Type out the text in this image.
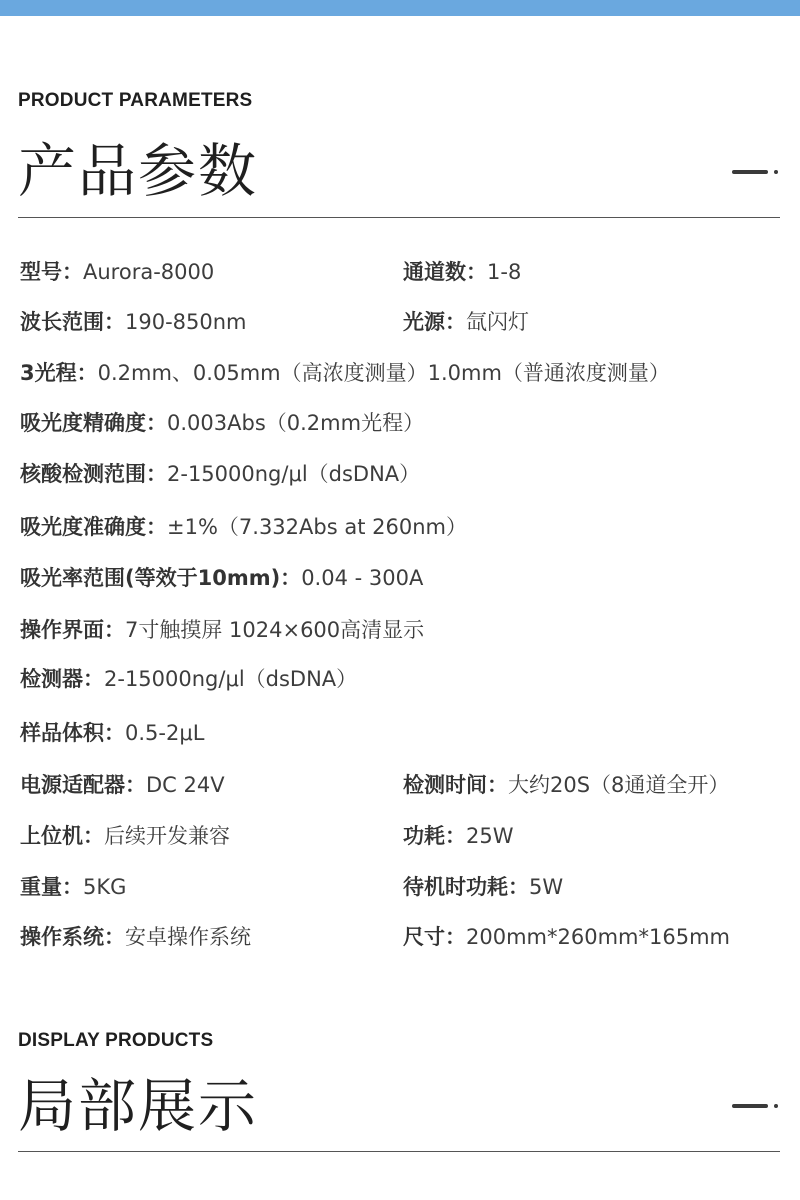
PRODUCT PARAMETERS
产品参数
型号：Aurora-8000	通道数：1-8
波长范围：190-850nm	光源：氙闪灯
3光程：0.2mm、0.05mm（高浓度测量）1.0mm（普通浓度测量）
吸光度精确度：0.003Abs（0.2mm光程）
核酸检测范围：2-15000ng/μl（dsDNA）
吸光度准确度：±1%（7.332Abs at 260nm）
吸光率范围(等效于10mm)：0.04 - 300A
操作界面：7寸触摸屏 1024×600高清显示
检测器：2-15000ng/μl（dsDNA）
样品体积：0.5-2μL
电源适配器：DC 24V	检测时间：大约20S（8通道全开）
上位机：后续开发兼容	功耗：25W
重量：5KG	待机时功耗：5W
操作系统：安卓操作系统	尺寸：200mm*260mm*165mm
DISPLAY PRODUCTS
局部展示
